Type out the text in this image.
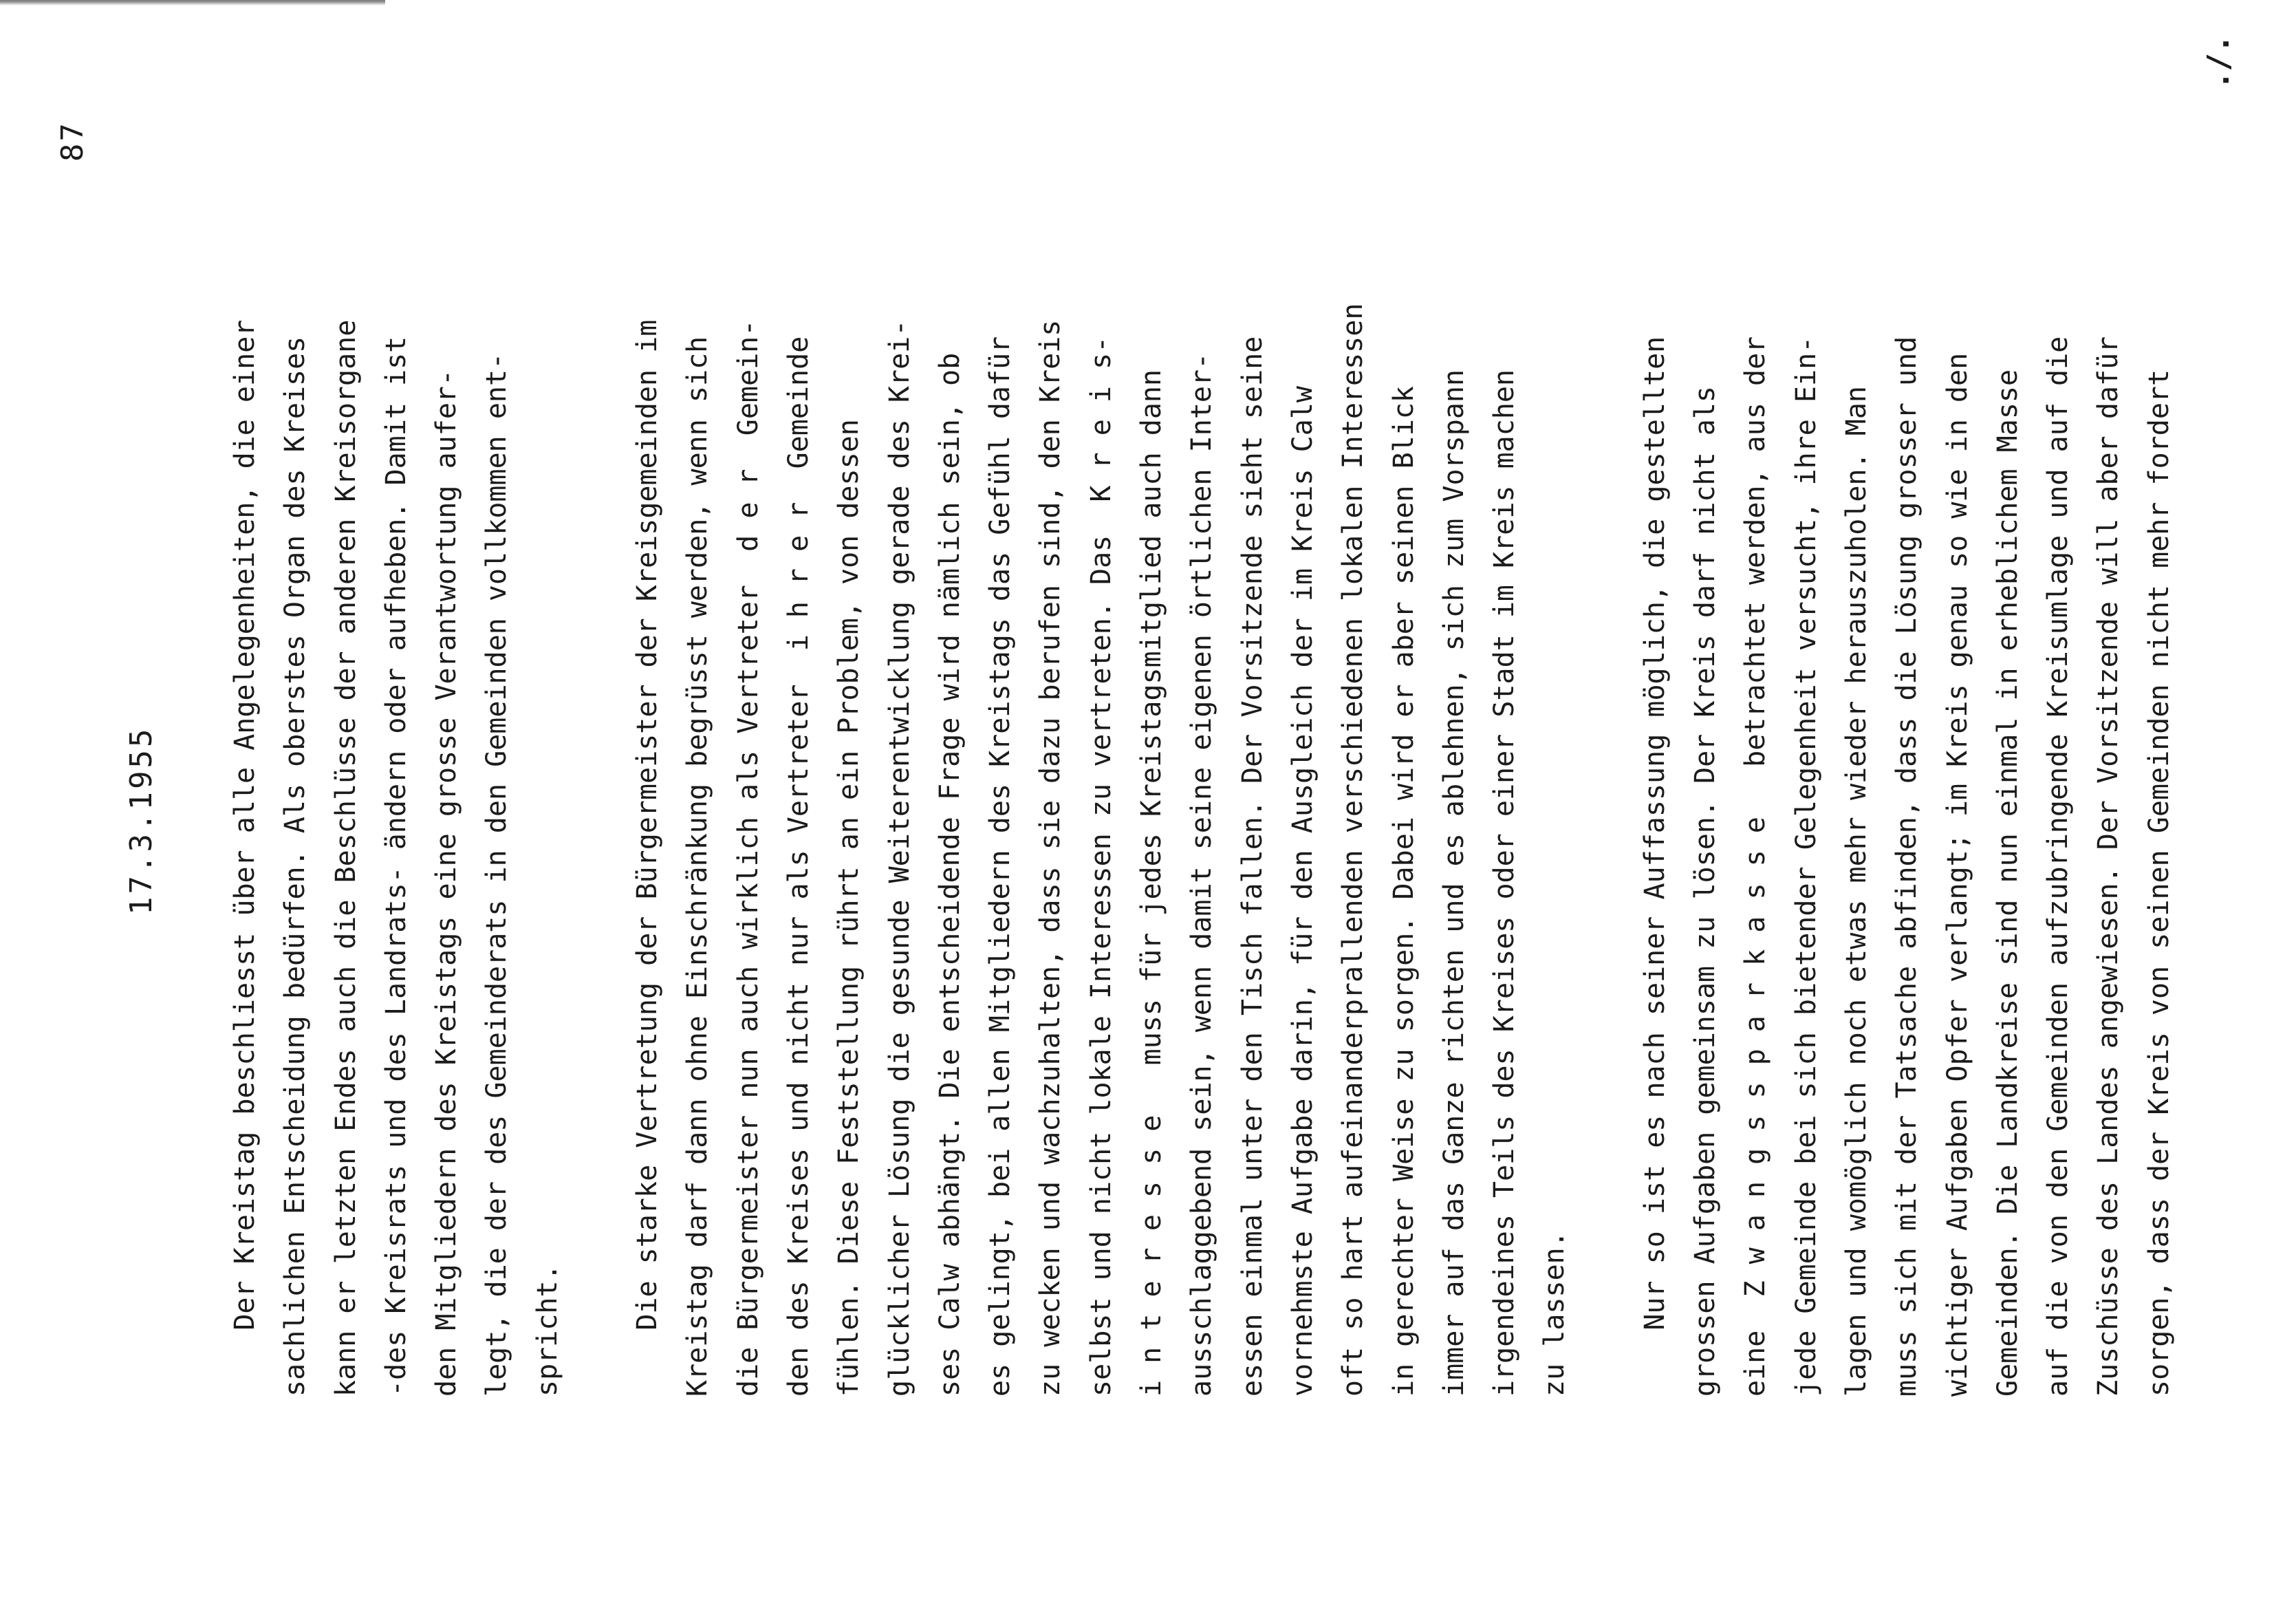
87

17.3.1955	Der Kreistag beschliesst über alle Angelegenheiten, die einer sachlichen Entscheidung bedürfen. Als oberstes Organ des Kreises kann er letzten Endes auch die Beschlüsse der anderen Kreisorgane -des Kreisrats und des Landrats- ändern oder aufheben. Damit ist den Mitgliedern des Kreistags eine grosse Verantwortung aufer- legt, die der des Gemeinderats in den Gemeinden vollkommen ent- spricht.	Die starke Vertretung der Bürgermeister der Kreisgemeinden im Kreistag darf dann ohne Einschränkung begrüsst werden, wenn sich die Bürgermeister nun auch wirklich als Vertreter  d e r  Gemein- den des Kreises und nicht nur als Vertreter  i h r e r  Gemeinde fühlen. Diese Feststellung rührt an ein Problem, von dessen glücklicher Lösung die gesunde Weiterentwicklung gerade des Krei- ses Calw abhängt. Die entscheidende Frage wird nämlich sein, ob es gelingt, bei allen Mitgliedern des Kreistags das Gefühl dafür zu wecken und wachzuhalten, dass sie dazu berufen sind, den Kreis selbst und nicht lokale Interessen zu vertreten. Das  K r e i s- i n t e r e s s e   muss für jedes Kreistagsmitglied auch dann ausschlaggebend sein, wenn damit seine eigenen örtlichen Inter- essen einmal unter den Tisch fallen. Der Vorsitzende sieht seine vornehmste Aufgabe darin, für den Ausgleich der im Kreis Calw oft so hart aufeinanderprallenden verschiedenen lokalen Interessen in gerechter Weise zu sorgen. Dabei wird er aber seinen Blick immer auf das Ganze richten und es ablehnen, sich zum Vorspann irgendeines Teils des Kreises oder einer Stadt im Kreis machen zu lassen.	Nur so ist es nach seiner Auffassung möglich, die gestellten grossen Aufgaben gemeinsam zu lösen. Der Kreis darf nicht als eine  Z w a n g s s p a r k a s s e   betrachtet werden, aus der jede Gemeinde bei sich bietender Gelegenheit versucht, ihre Ein- lagen und womöglich noch etwas mehr wieder herauszuholen. Man muss sich mit der Tatsache abfinden, dass die Lösung grosser und wichtiger Aufgaben Opfer verlangt; im Kreis genau so wie in den Gemeinden. Die Landkreise sind nun einmal in erheblichem Masse auf die von den Gemeinden aufzubringende Kreisumlage und auf die Zuschüsse des Landes angewiesen. Der Vorsitzende will aber dafür sorgen, dass der Kreis von seinen Gemeinden nicht mehr fordert

./.
